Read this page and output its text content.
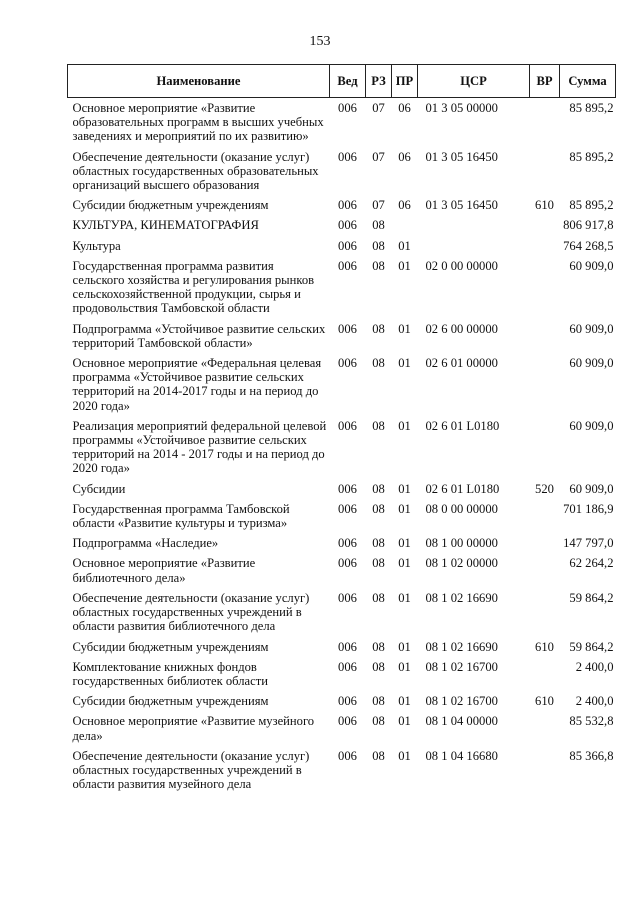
153
Наименование	Вед	РЗ	ПР	ЦСР	ВР	Сумма
Основное мероприятие «Развитие образовательных программ в высших учебных заведениях и мероприятий по их развитию»	006	07	06	01 3 05 00000		85 895,2
Обеспечение деятельности (оказание услуг) областных государственных образовательных организаций высшего образования	006	07	06	01 3 05 16450		85 895,2
Субсидии бюджетным учреждениям	006	07	06	01 3 05 16450	610	85 895,2
КУЛЬТУРА, КИНЕМАТОГРАФИЯ	006	08				806 917,8
Культура	006	08	01			764 268,5
Государственная программа развития сельского хозяйства и регулирования рынков сельскохозяйственной продукции, сырья и продовольствия Тамбовской области	006	08	01	02 0 00 00000		60 909,0
Подпрограмма «Устойчивое развитие сельских территорий Тамбовской области»	006	08	01	02 6 00 00000		60 909,0
Основное мероприятие «Федеральная целевая программа «Устойчивое развитие сельских территорий на 2014-2017 годы и на период до 2020 года»	006	08	01	02 6 01 00000		60 909,0
Реализация мероприятий федеральной целевой программы «Устойчивое развитие сельских территорий на 2014 - 2017 годы и на период до 2020 года»	006	08	01	02 6 01 L0180		60 909,0
Субсидии	006	08	01	02 6 01 L0180	520	60 909,0
Государственная программа Тамбовской области «Развитие культуры и туризма»	006	08	01	08 0 00 00000		701 186,9
Подпрограмма «Наследие»	006	08	01	08 1 00 00000		147 797,0
Основное мероприятие «Развитие библиотечного дела»	006	08	01	08 1 02 00000		62 264,2
Обеспечение деятельности (оказание услуг) областных государственных учреждений в области развития библиотечного дела	006	08	01	08 1 02 16690		59 864,2
Субсидии бюджетным учреждениям	006	08	01	08 1 02 16690	610	59 864,2
Комплектование книжных фондов государственных библиотек области	006	08	01	08 1 02 16700		2 400,0
Субсидии бюджетным учреждениям	006	08	01	08 1 02 16700	610	2 400,0
Основное мероприятие «Развитие музейного дела»	006	08	01	08 1 04 00000		85 532,8
Обеспечение деятельности (оказание услуг) областных государственных учреждений в области развития музейного дела	006	08	01	08 1 04 16680		85 366,8
